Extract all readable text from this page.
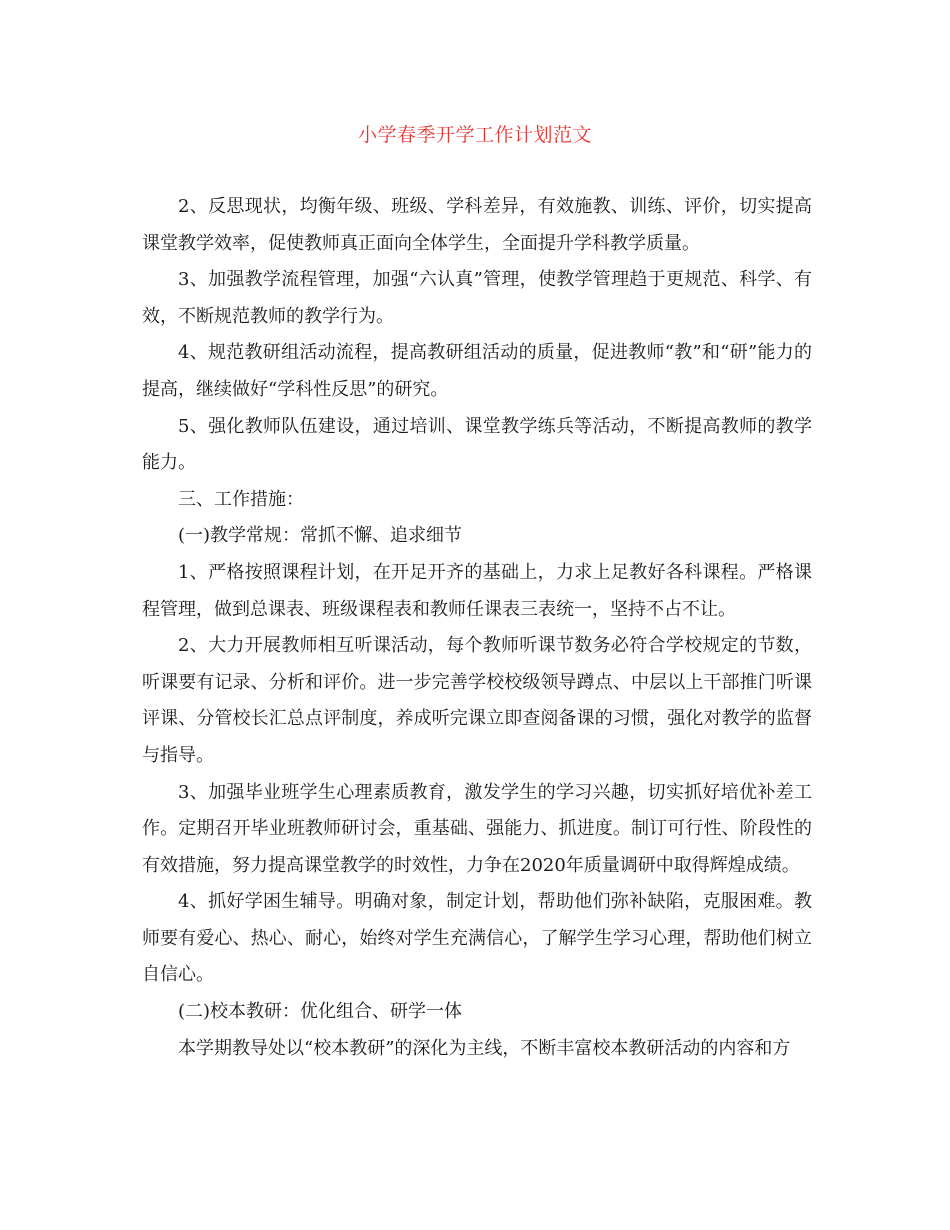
小学春季开学工作计划范文

2、反思现状，均衡年级、班级、学科差异，有效施教、训练、评价，切实提高课堂教学效率，促使教师真正面向全体学生，全面提升学科教学质量。

3、加强教学流程管理，加强“六认真”管理，使教学管理趋于更规范、科学、有效，不断规范教师的教学行为。

4、规范教研组活动流程，提高教研组活动的质量，促进教师“教”和“研”能力的提高，继续做好“学科性反思”的研究。

5、强化教师队伍建设，通过培训、课堂教学练兵等活动，不断提高教师的教学能力。

三、工作措施：

(一)教学常规：常抓不懈、追求细节

1、严格按照课程计划，在开足开齐的基础上，力求上足教好各科课程。严格课程管理，做到总课表、班级课程表和教师任课表三表统一，坚持不占不让。

2、大力开展教师相互听课活动，每个教师听课节数务必符合学校规定的节数，听课要有记录、分析和评价。进一步完善学校校级领导蹲点、中层以上干部推门听课评课、分管校长汇总点评制度，养成听完课立即查阅备课的习惯，强化对教学的监督与指导。

3、加强毕业班学生心理素质教育，激发学生的学习兴趣，切实抓好培优补差工作。定期召开毕业班教师研讨会，重基础、强能力、抓进度。制订可行性、阶段性的有效措施，努力提高课堂教学的时效性，力争在2020年质量调研中取得辉煌成绩。

4、抓好学困生辅导。明确对象，制定计划，帮助他们弥补缺陷，克服困难。教师要有爱心、热心、耐心，始终对学生充满信心，了解学生学习心理，帮助他们树立自信心。

(二)校本教研：优化组合、研学一体

本学期教导处以“校本教研”的深化为主线，不断丰富校本教研活动的内容和方
